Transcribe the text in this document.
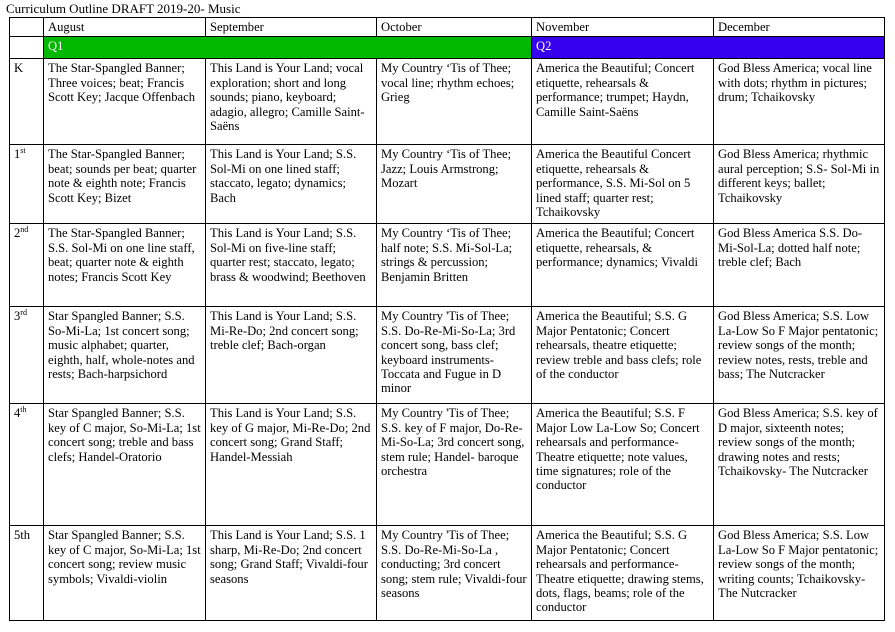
Curriculum Outline DRAFT 2019-20- Music
	August	September	October	November	December
	Q1			Q2	
K	The Star-Spangled Banner; Three voices; beat; Francis Scott Key; Jacque Offenbach	This Land is Your Land; vocal exploration; short and long sounds; piano, keyboard; adagio, allegro; Camille Saint-Saëns	My Country ‘Tis of Thee; vocal line; rhythm echoes; Grieg	America the Beautiful; Concert etiquette, rehearsals & performance; trumpet; Haydn, Camille Saint-Saëns	God Bless America; vocal line with dots; rhythm in pictures; drum; Tchaikovsky
1st	The Star-Spangled Banner; beat; sounds per beat; quarter note & eighth note; Francis Scott Key; Bizet	This Land is Your Land; S.S. Sol-Mi on one lined staff; staccato, legato; dynamics; Bach	My Country ‘Tis of Thee; Jazz; Louis Armstrong; Mozart	America the Beautiful Concert etiquette, rehearsals & performance, S.S. Mi-Sol on 5 lined staff; quarter rest; Tchaikovsky	God Bless America; rhythmic aural perception; S.S- Sol-Mi in different keys; ballet; Tchaikovsky
2nd	The Star-Spangled Banner; S.S. Sol-Mi on one line staff, beat; quarter note & eighth notes; Francis Scott Key	This Land is Your Land; S.S. Sol-Mi on five-line staff; quarter rest; staccato, legato; brass & woodwind; Beethoven	My Country ‘Tis of Thee; half note; S.S. Mi-Sol-La; strings & percussion; Benjamin Britten	America the Beautiful; Concert etiquette, rehearsals, & performance; dynamics; Vivaldi	God Bless America S.S. Do-Mi-Sol-La; dotted half note; treble clef; Bach
3rd	Star Spangled Banner; S.S. So-Mi-La; 1st concert song; music alphabet; quarter, eighth, half, whole-notes and rests; Bach-harpsichord	This Land is Your Land; S.S. Mi-Re-Do; 2nd concert song; treble clef; Bach-organ	My Country 'Tis of Thee; S.S. Do-Re-Mi-So-La; 3rd concert song, bass clef; keyboard instruments-Toccata and Fugue in D minor	America the Beautiful; S.S. G Major Pentatonic; Concert rehearsals, theatre etiquette; review treble and bass clefs; role of the conductor	God Bless America; S.S. Low La-Low So F Major pentatonic; review songs of the month; review notes, rests, treble and bass; The Nutcracker
4th	Star Spangled Banner; S.S. key of C major, So-Mi-La; 1st concert song; treble and bass clefs; Handel-Oratorio	This Land is Your Land; S.S. key of G major, Mi-Re-Do; 2nd concert song; Grand Staff; Handel-Messiah	My Country 'Tis of Thee; S.S. key of F major, Do-Re-Mi-So-La; 3rd concert song, stem rule; Handel- baroque orchestra	America the Beautiful; S.S. F Major Low La-Low So; Concert rehearsals and performance-Theatre etiquette; note values, time signatures; role of the conductor	God Bless America; S.S. key of D major, sixteenth notes; review songs of the month; drawing notes and rests; Tchaikovsky- The Nutcracker
5th	Star Spangled Banner; S.S. key of C major, So-Mi-La; 1st concert song; review music symbols; Vivaldi-violin	This Land is Your Land; S.S. 1 sharp, Mi-Re-Do; 2nd concert song; Grand Staff; Vivaldi-four seasons	My Country 'Tis of Thee; S.S. Do-Re-Mi-So-La , conducting; 3rd concert song; stem rule; Vivaldi-four seasons	America the Beautiful; S.S. G Major Pentatonic; Concert rehearsals and performance-Theatre etiquette; drawing stems, dots, flags, beams; role of the conductor	God Bless America; S.S. Low La-Low So F Major pentatonic; review songs of the month; writing counts; Tchaikovsky- The Nutcracker
